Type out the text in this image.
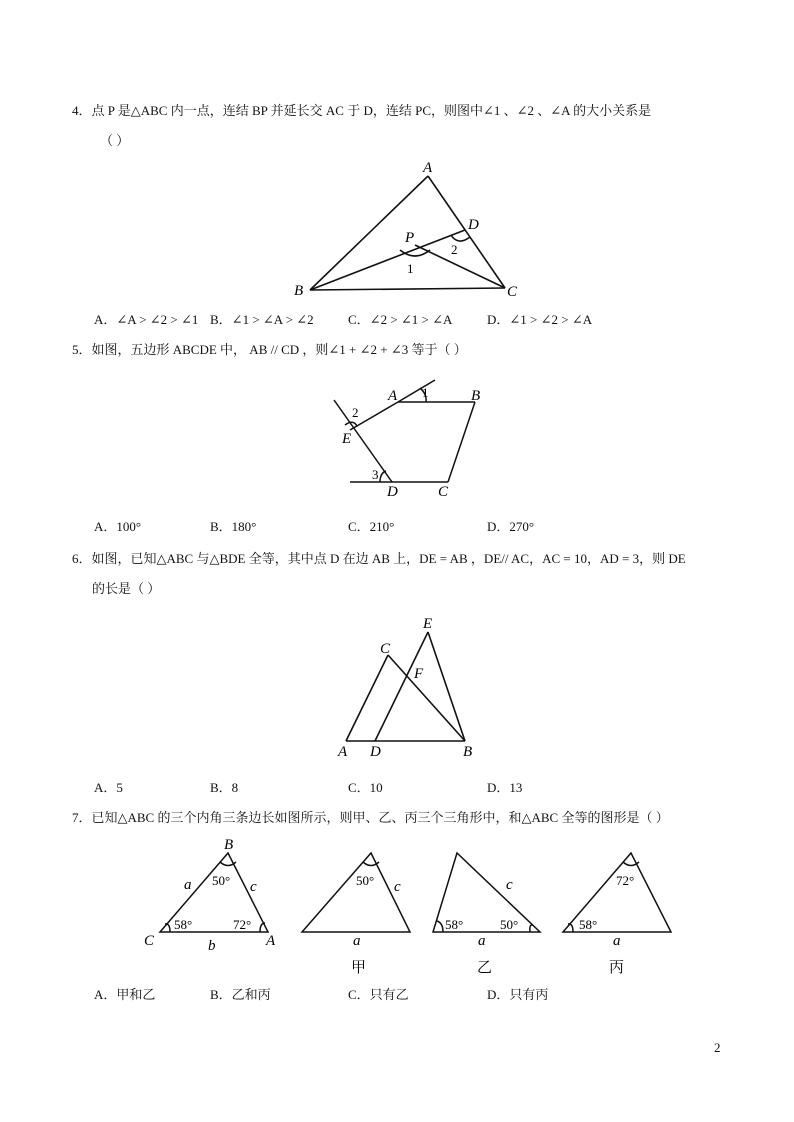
4．点 P 是△ABC 内一点，连结 BP 并延长交 AC 于 D，连结 PC，则图中∠1 、∠2 、∠A 的大小关系是
（ ）
A
B	C
D
P
1
2
A．∠A > ∠2 > ∠1 B．∠1 > ∠A > ∠2	C．∠2 > ∠1 > ∠A	D．∠1 > ∠2 > ∠A
5．如图，五边形 ABCDE 中， AB // CD ，则∠1 + ∠2 + ∠3 等于（ ）
A	B
C
D
E
1
2
3
A．100°	B．180°	C．210°	D．270°
6．如图，已知△ABC 与△BDE 全等，其中点 D 在边 AB 上，DE = AB ，DE// AC，AC = 10，AD = 3，则 DE
的长是（ ）
C
E
F
A D	B
A．5	B．8	C．10	D．13
7．已知△ABC 的三个内角三条边长如图所示，则甲、乙、丙三个三角形中，和△ABC 全等的图形是（ ）
B
C	A
a	c
b
50°
58°	72°
50° c
a
甲
c
58°	50°
a
乙
72°
58°
a
丙
A．甲和乙	B．乙和丙	C．只有乙	D．只有丙
2
